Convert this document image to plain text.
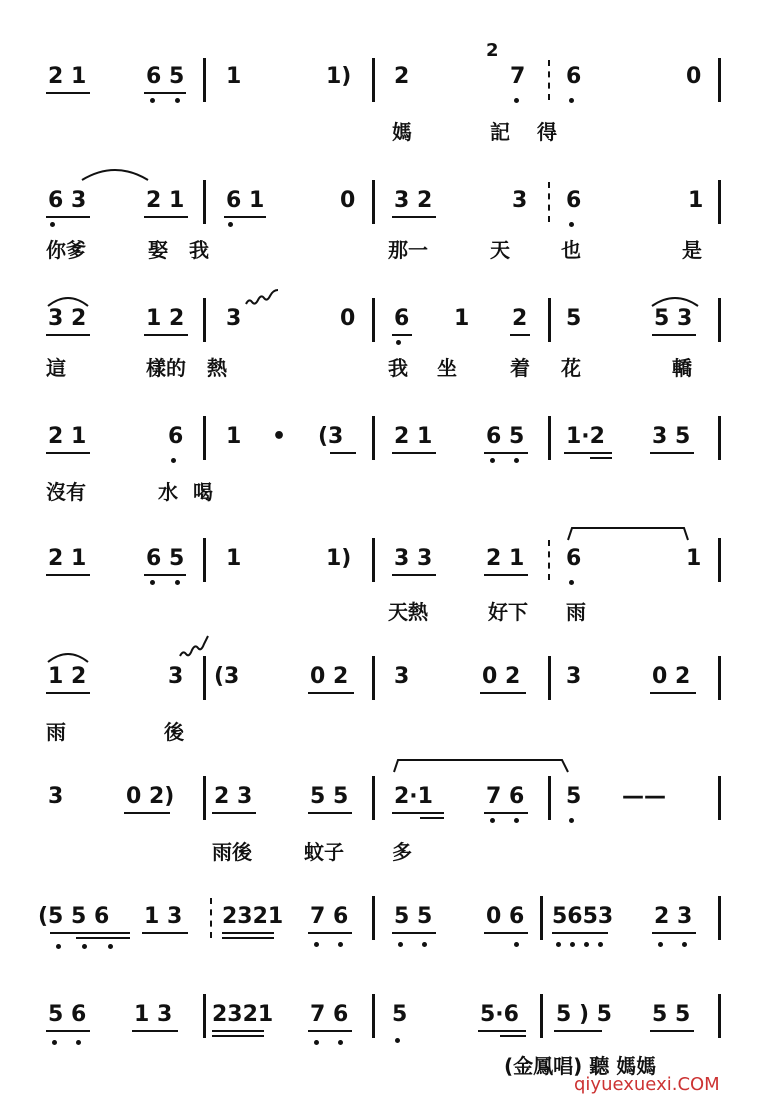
2 1	6 5 1	1) 2
2
7 6	0
媽	記 得
6 3	2 1 6 1	0 3 2	3 6	1
你爹	娶 我	那一	天 也	是
3 2	1 2 3	0 6 1 2 5	5 3
這	樣的 熱	我 坐	着 花	轎
2 1	6 1 • (3 2 1 6 5 1·2 3 5
沒有	水 喝
2 1	6 5 1	1) 3 3 2 1 6	1
天熱	好下 雨
1 2	3 (3	0 2 3	0 2 3	0 2
雨	後
3	0 2) 2 3	5 5 2·1 7 6 5 ——
雨後	蚊子 多
(5 5 6 1 3 2321 7 6 5 5 0 6 5653 2 3
5 6 1 3 2321 7 6 5	5·6 5 ) 5 5 5
(金鳳唱) 聽 媽媽
qiyuexuexi.COM
